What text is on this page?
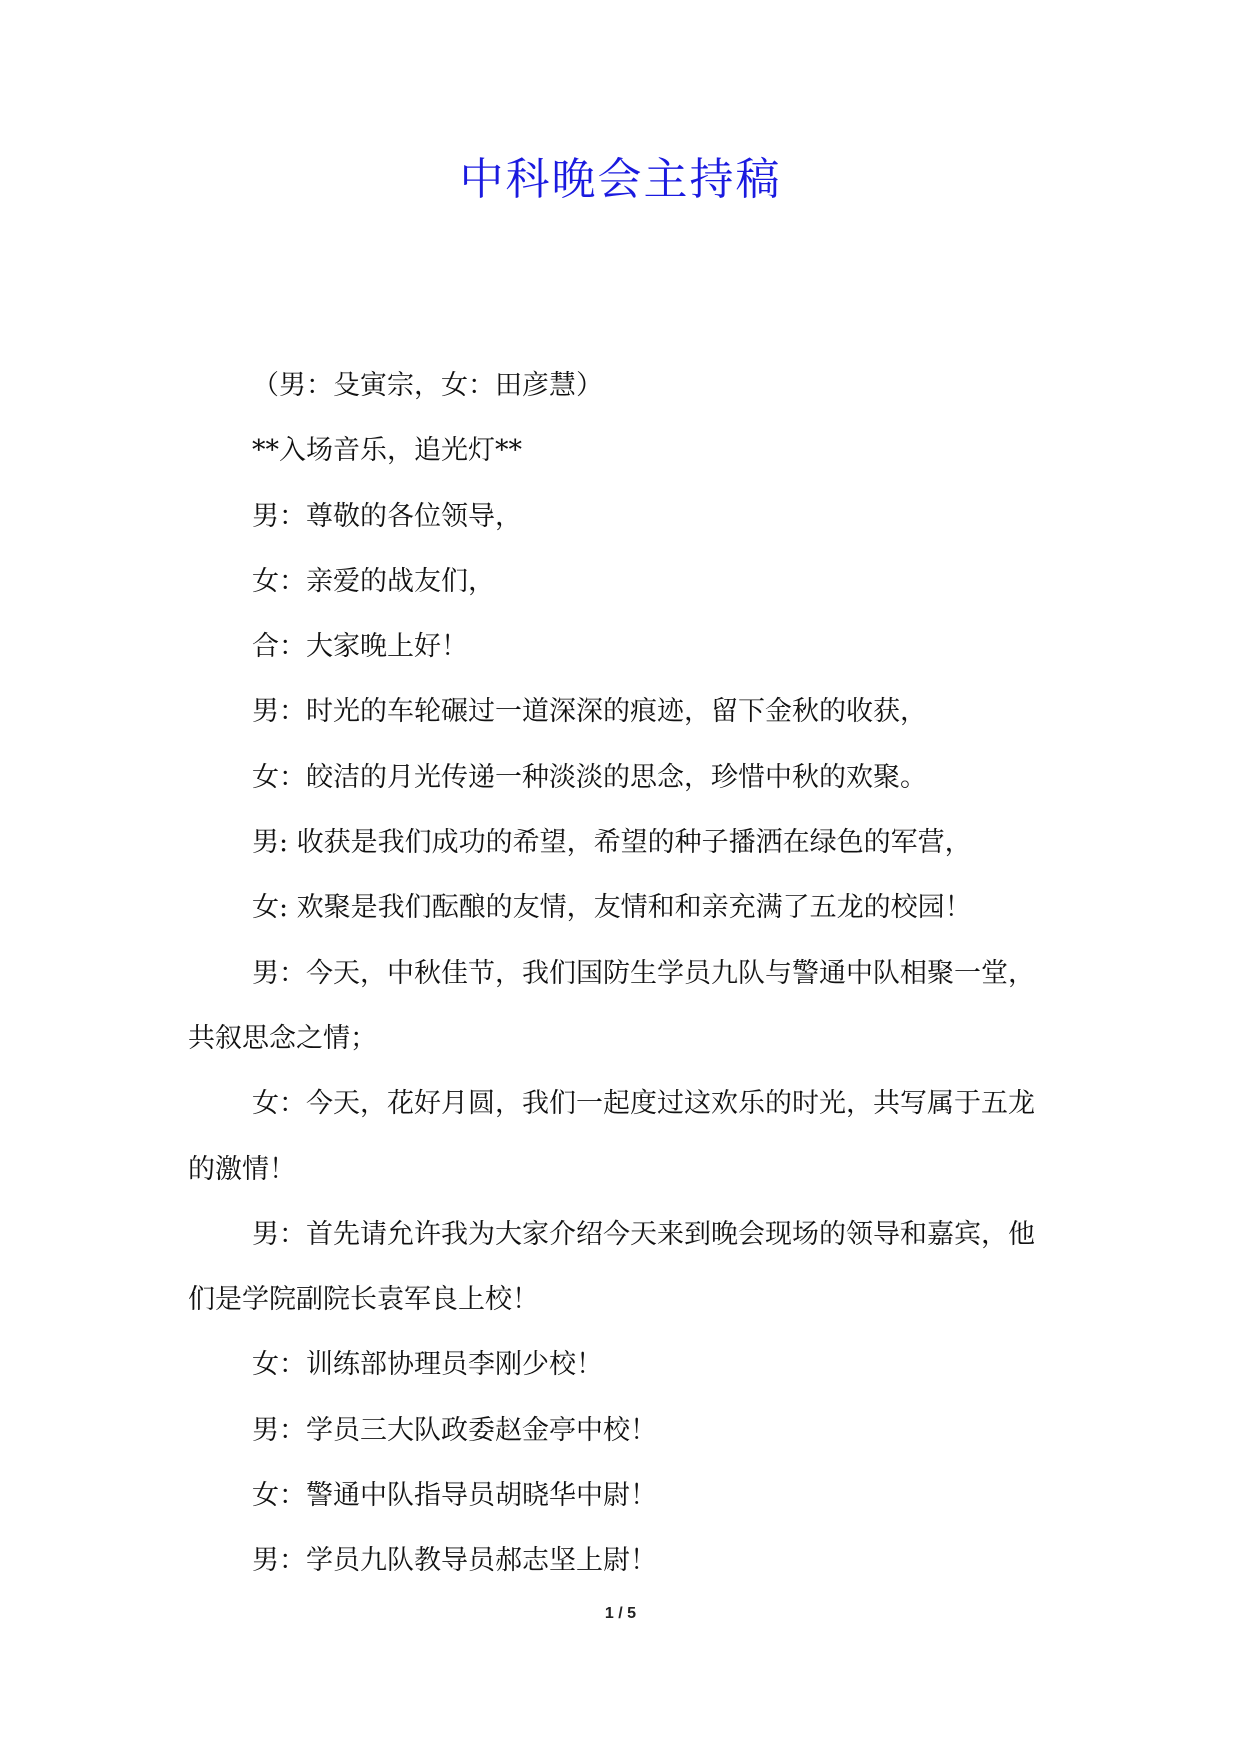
中科晚会主持稿

（男：殳寅宗，女：田彦慧）

**入场音乐，追光灯**

男：尊敬的各位领导，

女：亲爱的战友们，

合：大家晚上好！

男：时光的车轮碾过一道深深的痕迹，留下金秋的收获，

女：皎洁的月光传递一种淡淡的思念，珍惜中秋的欢聚。

男: 收获是我们成功的希望，希望的种子播洒在绿色的军营，

女: 欢聚是我们酝酿的友情，友情和和亲充满了五龙的校园！

男：今天，中秋佳节，我们国防生学员九队与警通中队相聚一堂，共叙思念之情；

女：今天，花好月圆，我们一起度过这欢乐的时光，共写属于五龙的激情！

男：首先请允许我为大家介绍今天来到晚会现场的领导和嘉宾，他们是学院副院长袁军良上校！

女：训练部协理员李刚少校！

男：学员三大队政委赵金亭中校！

女：警通中队指导员胡晓华中尉！

男：学员九队教导员郝志坚上尉！

1 / 5
